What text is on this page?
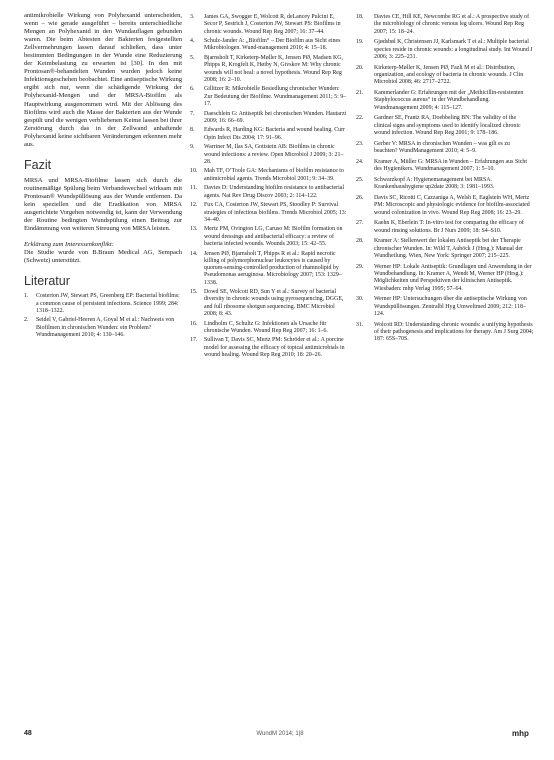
antimikrobielle Wirkung von Polyhexanid unterscheiden, wenn – wie gerade ausgeführt – bereits unterschiedliche Mengen an Polyhexanid in den Wundauflagen gebunden waren. Die beim Abtesten der Bakterien festgestellten Zellvermehrungen lassen darauf schließen, dass unter bestimmten Bedingungen in der Wunde eine Reduzierung der Keimbelastung zu erwarten ist [30]. In den mit Prontosan®-behandelten Wunden wurden jedoch keine Infektionsgeschehen beobachtet. Eine antiseptische Wirkung ergibt sich nur, wenn die schädigende Wirkung der Polyhexanid-Mengen und der MRSA-Biofilm als Hauptwirkung ausgenommen wird. Mit der Ablösung des Biofilms wird auch die Masse der Bakterien aus der Wunde gespült und die wenigen verbliebenen Keime lassen bei ihrer Zerstörung durch das in der Zellwand anhaftende Polyhexanid keine sichtbaren Veränderungen erkennen mehr aus.

Fazit

MRSA und MRSA-Biofilme lassen sich durch die routinemäßige Spülung beim Verbandswechsel wirksam mit Prontosan® Wundspüllösung aus der Wunde entfernen. Da kein speziellen und die Eradikation von MRSA ausgerichtete Vorgehen notwendig ist, kann der Verwendung der Routine bedingten Wundspülung einen Beitrag zur Eindämmung von weiteren Streuung von MRSA leisten.

Erklärung zum Interessenkonflikt:

Die Studie wurde von B.Braun Medical AG, Sempach (Schweiz) unterstützt.

Literatur
1. Costerton JW, Stewart PS, Greenberg EP: Bacterial biofilms: a common cause of persistent infections. Science 1999; 284: 1318–1322.
2. Seidel V, Gabriel-Heeren A, Goyal M et al.: Nachweis von Biofilmen in chronischen Wunden: ein Problem? Wundmanagement 2010; 4: 130–146.
3. James GA, Swogger E, Wolcott R, deLancey Pulcini E, Secor P, Sestrich J, Costerton JW, Stewart PS: Biofilms in chronic wounds. Wound Rep Reg 2007; 16: 37–44.
4. Schulz-Jander A: „Biofilm“ – Der Biofilm aus Sicht eines Mikrobiologen. Wund-management 2010; 4: 15–18.
5. Bjarnsholt T, Kirketerp-Møller K, Jensen PØ, Madsen KG, Phipps R, Krogfelt K, Høiby N, Givskov M: Why chronic wounds will not heal: a novel hypothesis. Wound Rep Reg 2008; 16: 2–10.
6. Gillitzer R: Mikrobielle Besiedlung chronischer Wunden: Zur Bedeutung der Biofilme. Wundmanagement 2011; 5: 9–17.
7. Daeschlein G: Antiseptik bei chronischen Wunden. Hautarzt 2009; 16: 66–69.
8. Edwards R, Harding KG: Bacteria and wound healing. Curr Opin Infect Dis 2004; 17: 91–96.
9. Warriner M, Ilas SA, Gottstein AB: Biofilms in chronic wound infections: a review. Open Microbiol J 2009; 3: 21–28.
10. Mah TF, O’Toole GA: Mechanisms of biofilm resistance to antimicrobial agents. Trends Microbiol 2001; 9: 34–39.
11. Davies D: Understanding biofilm resistance to antibacterial agents. Nat Rev Drug Discov 2003; 2: 114–122.
12. Fux CA, Costerton JW, Stewart PS, Stoodley P: Survival strategies of infectious biofilms. Trends Microbiol 2005; 13: 34–40.
13. Mertz PM, Ovington LG, Caruso M: Biofilm formation on wound dressings and antibacterial efficacy: a review of bacteria infected wounds. Wounds 2003; 15: 42–55.
14. Jensen PØ, Bjarnsholt T, Phipps R et al.: Rapid necrotic killing of polymorphonuclear leukocytes is caused by quorum-sensing-controlled production of rhamnolipid by Pseudomonas aeruginosa. Microbiology 2007; 153: 1329–1338.
15. Dowd SE, Wolcott RD, Sun Y et al.: Survey of bacterial diversity in chronic wounds using pyrosequencing, DGGE, and full ribosome shotgun sequencing. BMC Microbiol 2008; 8: 43.
16. Lindholm C, Schultz G: Infektionen als Ursache für chronische Wunden. Wound Rep Reg 2007; 16: 1–6.
17. Sullivan T, Davis SC, Mertz PM: Schröder et al.: A porcine model for assessing the efficacy of topical antimicrobials in wound healing. Wound Rep Reg 2010; 18: 20–26.
18. Davies CE, Hill KE, Newcombe RG et al.: A prospective study of the microbiology of chronic venous leg ulcers. Wound Rep Reg 2007; 15: 18–24.
19. Gjødsbøl K, Christensen JJ, Karlsmark T et al.: Multiple bacterial species reside in chronic wounds: a longitudinal study. Int Wound J 2006; 3: 225–231.
20. Kirketerp-Møller K, Jensen PØ, Fazli M et al.: Distribution, organization, and ecology of bacteria in chronic wounds. J Clin Microbiol 2008; 46: 2717–2722.
21. Kammerlander G: Erfahrungen mit der „Methicillin-resistenten Staphylococcus aureus“ in der Wundbehandlung. Wundmanagement 2009; 4: 115–127.
22. Gardner SE, Frantz RA, Doebbeling BN: The validity of the clinical signs and symptoms used to identify localized chronic wound infection. Wound Rep Reg 2001; 9: 178–186.
23. Gerber V: MRSA in chronischen Wunden – was gilt es zu beachten? WundManagement 2010; 4: 5–9.
24. Kramer A, Müller G: MRSA in Wunden – Erfahrungen aus Sicht des Hygienikers. Wundmanagement 2007; 1: 5–10.
25. Schwarzkopf A: Hygienemanagement bei MRSA. Krankenhaushygiene up2date 2008; 3: 1981–1993.
26. Davis SC, Ricotti C, Cazzaniga A, Welsh E, Eaglstein WH, Mertz PM: Microscopic and physiologic evidence for biofilm-associated wound colonization in vivo. Wound Rep Reg 2008; 16: 23–29.
27. Kaehn K, Eberlein T: In-vitro test for comparing the efficacy of wound rinsing solutions. Br J Nurs 2009; 18: S4–S10.
28. Kramer A: Stellenwert der lokalen Antiseptik bei der Therapie chronischer Wunden. In: Wild T, Auböck J (Hrsg.): Manual der Wundheilung. Wien, New York: Springer 2007; 215–225.
29. Werner HP: Lokale Antiseptik: Grundlagen und Anwendung in der Wundbehandlung. In: Kramer A, Wendt M, Werner HP (Hrsg.): Möglichkeiten und Perspektiven der klinischen Antiseptik. Wiesbaden: mhp Verlag 1995; 57–64.
30. Werner HP: Untersuchungen über die antiseptische Wirkung von Wundspüllösungen. Zentralbl Hyg Umweltmed 2009; 212: 118–124.
31. Wolcott RD: Understanding chronic wounds: a unifying hypothesis of their pathogenesis and implications for therapy. Am J Surg 2004; 187: 65S–70S.
48	WundM 2014; 1|8	mhp
